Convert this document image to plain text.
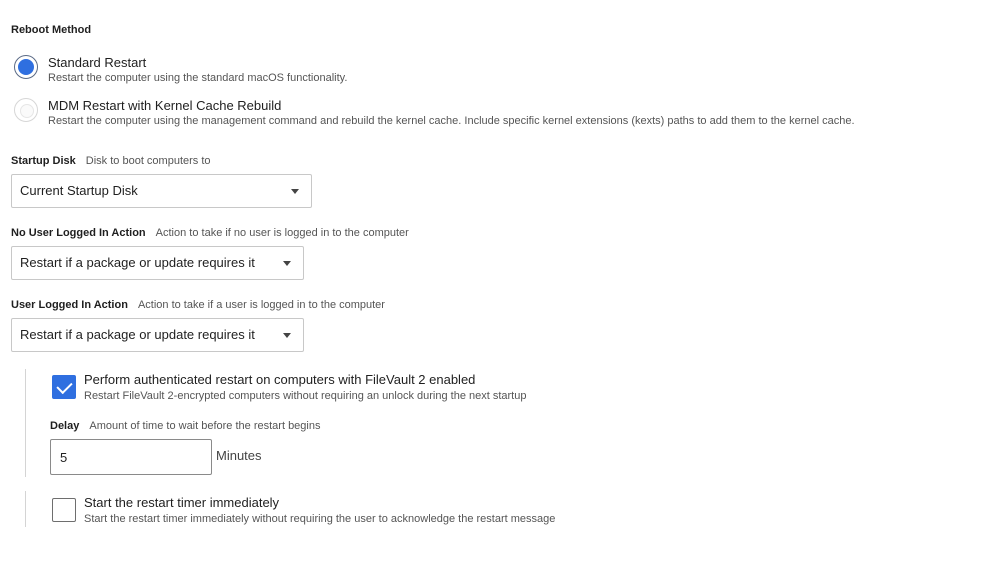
Reboot Method
Standard Restart
Restart the computer using the standard macOS functionality.
MDM Restart with Kernel Cache Rebuild
Restart the computer using the management command and rebuild the kernel cache. Include specific kernel extensions (kexts) paths to add them to the kernel cache.
Startup Disk Disk to boot computers to
Current Startup Disk
No User Logged In Action Action to take if no user is logged in to the computer
Restart if a package or update requires it
User Logged In Action Action to take if a user is logged in to the computer
Restart if a package or update requires it
Perform authenticated restart on computers with FileVault 2 enabled
Restart FileVault 2-encrypted computers without requiring an unlock during the next startup
Delay Amount of time to wait before the restart begins
5
Minutes
Start the restart timer immediately
Start the restart timer immediately without requiring the user to acknowledge the restart message
